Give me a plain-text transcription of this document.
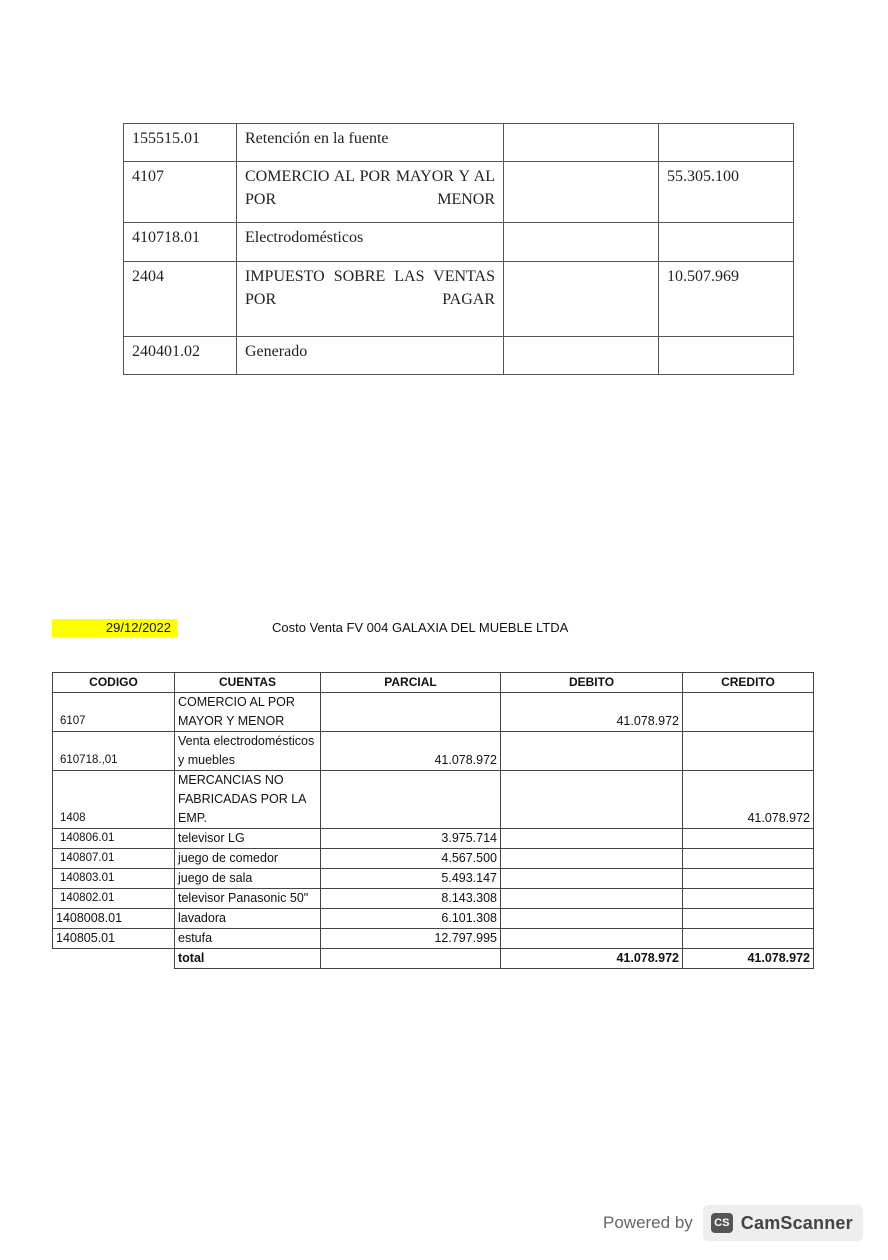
155515.01	Retención en la fuente		
4107	COMERCIO AL POR MAYOR Y AL POR MENOR		55.305.100
410718.01	Electrodomésticos		
2404	IMPUESTO SOBRE LAS VENTAS POR PAGAR		10.507.969
240401.02	Generado		
29/12/2022	Costo Venta FV 004 GALAXIA DEL MUEBLE LTDA
CODIGO	CUENTAS	PARCIAL	DEBITO	CREDITO
6107	COMERCIO AL POR MAYOR Y MENOR		41.078.972	
610718.,01	Venta electrodomésticos y muebles	41.078.972		
1408	MERCANCIAS NO FABRICADAS POR LA EMP.			41.078.972
140806.01	televisor LG	3.975.714		
140807.01	juego de comedor	4.567.500		
140803.01	juego de sala	5.493.147		
140802.01	televisor Panasonic 50"	8.143.308		
1408008.01	lavadora	6.101.308		
140805.01	estufa	12.797.995		
	total		41.078.972	41.078.972
Powered by	CS CamScanner
